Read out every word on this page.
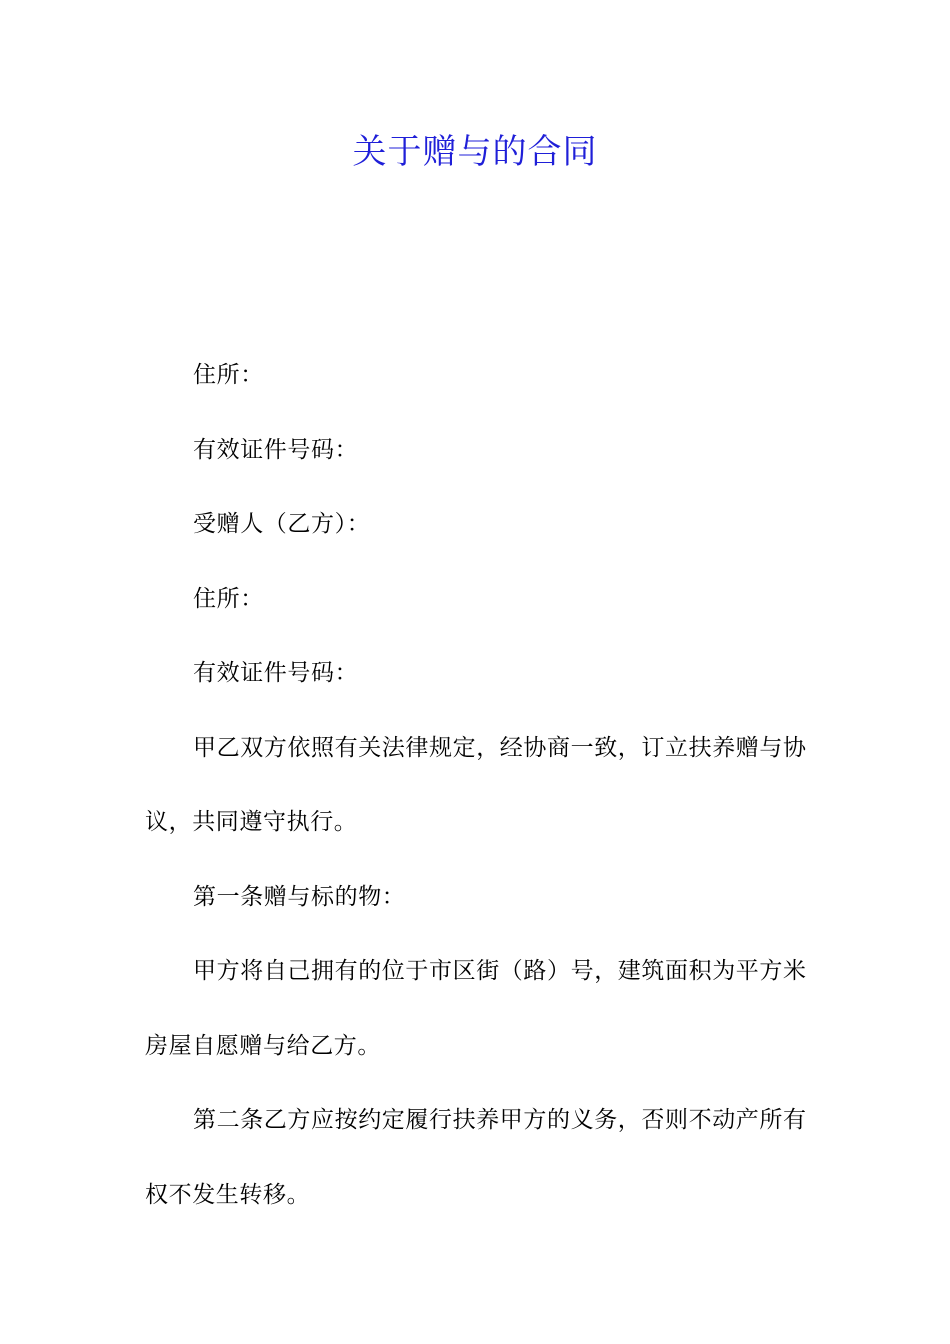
关于赠与的合同

住所：

有效证件号码：

受赠人（乙方）：

住所：

有效证件号码：

甲乙双方依照有关法律规定，经协商一致，订立扶养赠与协议，共同遵守执行。

第一条赠与标的物：

甲方将自己拥有的位于市区街（路）号，建筑面积为平方米房屋自愿赠与给乙方。

第二条乙方应按约定履行扶养甲方的义务，否则不动产所有权不发生转移。
